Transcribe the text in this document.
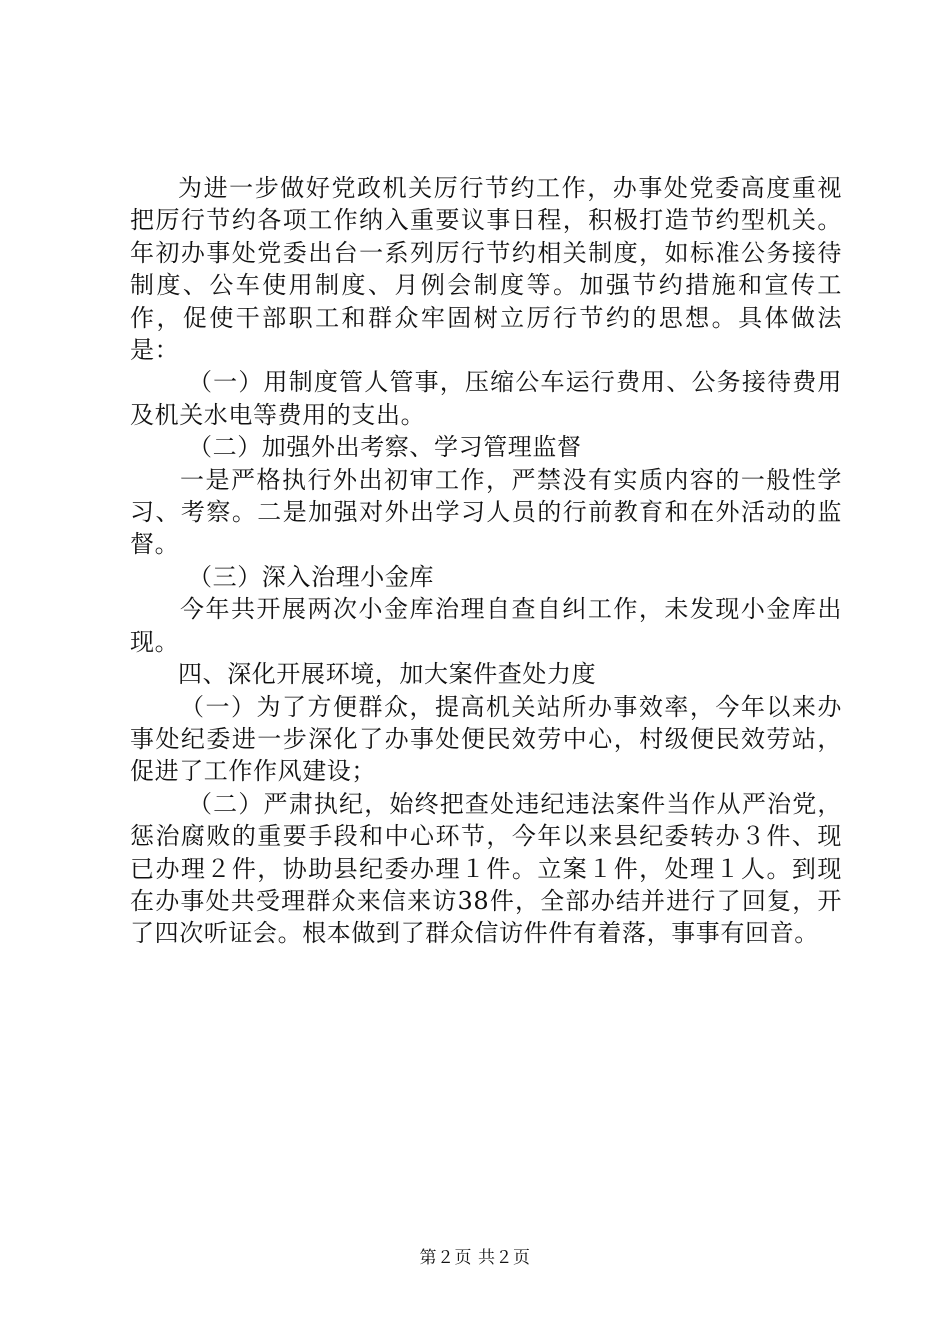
为进一步做好党政机关厉行节约工作，办事处党委高度重视把厉行节约各项工作纳入重要议事日程，积极打造节约型机关。年初办事处党委出台一系列厉行节约相关制度，如标准公务接待制度、公车使用制度、月例会制度等。加强节约措施和宣传工作，促使干部职工和群众牢固树立厉行节约的思想。具体做法是：

（一）用制度管人管事，压缩公车运行费用、公务接待费用及机关水电等费用的支出。

（二）加强外出考察、学习管理监督

一是严格执行外出初审工作，严禁没有实质内容的一般性学习、考察。二是加强对外出学习人员的行前教育和在外活动的监督。

（三）深入治理小金库

今年共开展两次小金库治理自查自纠工作，未发现小金库出现。

四、深化开展环境，加大案件查处力度

（一）为了方便群众，提高机关站所办事效率，今年以来办事处纪委进一步深化了办事处便民效劳中心，村级便民效劳站，促进了工作作风建设；

（二）严肃执纪，始终把查处违纪违法案件当作从严治党，惩治腐败的重要手段和中心环节，今年以来县纪委转办３件、现已办理２件，协助县纪委办理１件。立案１件，处理１人。到现在办事处共受理群众来信来访38件，全部办结并进行了回复，开了四次听证会。根本做到了群众信访件件有着落，事事有回音。

第２页 共２页
